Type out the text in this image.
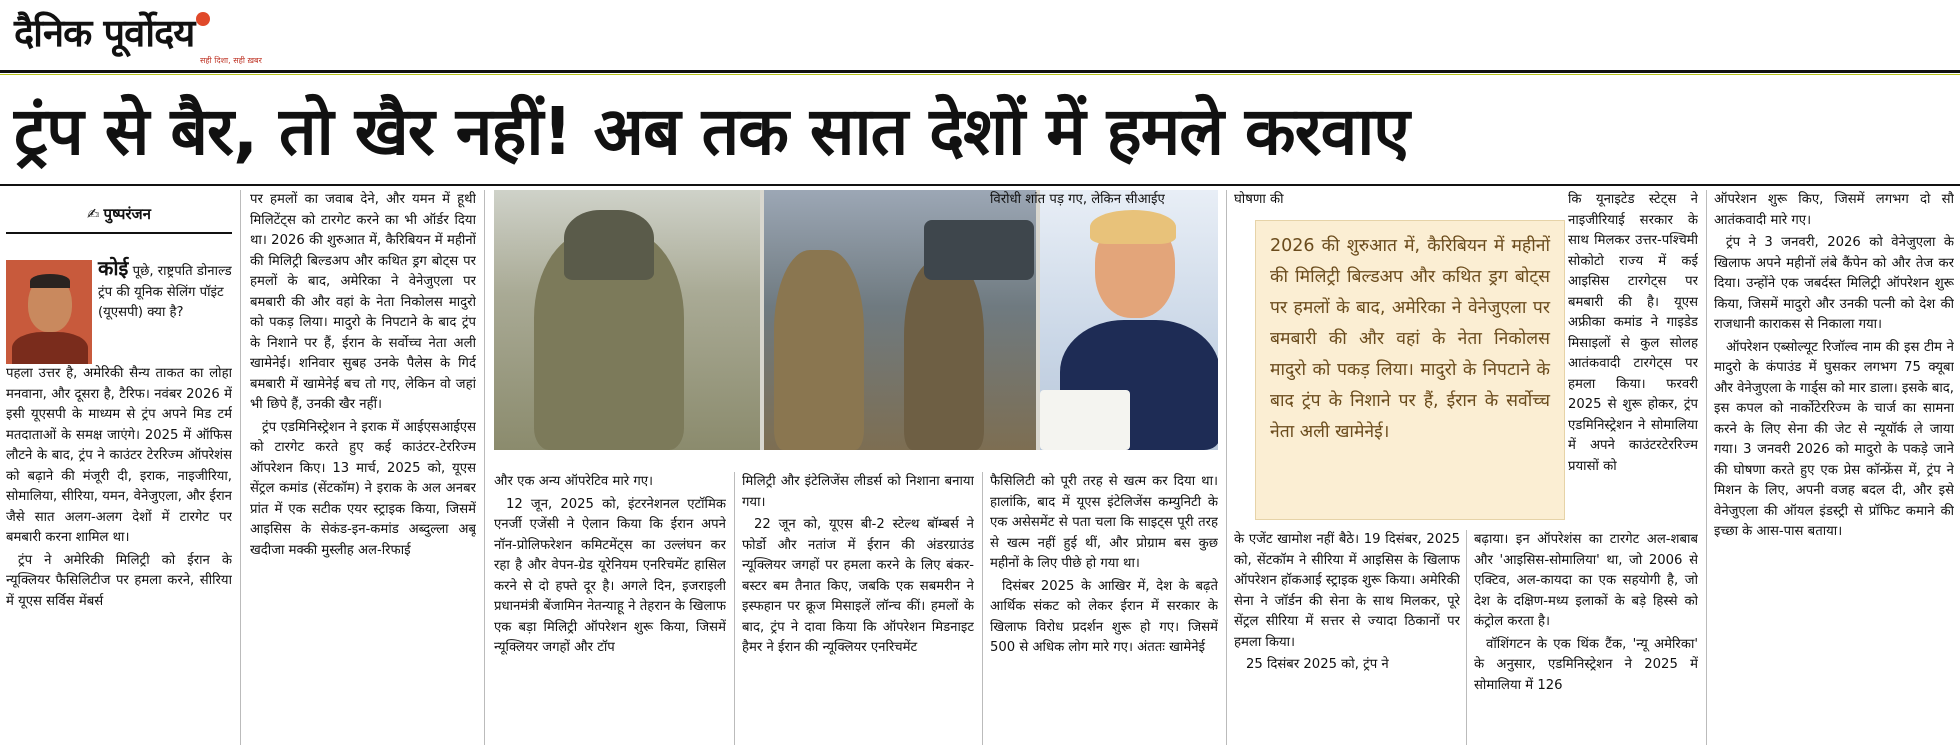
दैनिक पूर्वोदय
सही दिशा, सही ख़बर
ट्रंप से बैर, तो खैर नहीं! अब तक सात देशों में हमले करवाए
✍ पुष्परंजन
कोई पूछे, राष्ट्रपति डोनाल्ड ट्रंप की यूनिक सेलिंग पॉइंट (यूएसपी) क्या है?

पहला उत्तर है, अमेरिकी सैन्य ताकत का लोहा मनवाना, और दूसरा है, टैरिफ। नवंबर 2026 में इसी यूएसपी के माध्यम से ट्रंप अपने मिड टर्म मतदाताओं के समक्ष जाएंगे। 2025 में ऑफिस लौटने के बाद, ट्रंप ने काउंटर टेररिज्म ऑपरेशंस को बढ़ाने की मंजूरी दी, इराक, नाइजीरिया, सोमालिया, सीरिया, यमन, वेनेजुएला, और ईरान जैसे सात अलग-अलग देशों में टारगेट पर बमबारी करना शामिल था।

ट्रंप ने अमेरिकी मिलिट्री को ईरान के न्यूक्लियर फैसिलिटीज पर हमला करने, सीरिया में यूएस सर्विस मेंबर्स

पर हमलों का जवाब देने, और यमन में हूथी मिलिटेंट्स को टारगेट करने का भी ऑर्डर दिया था। 2026 की शुरुआत में, कैरिबियन में महीनों की मिलिट्री बिल्डअप और कथित ड्रग बोट्स पर हमलों के बाद, अमेरिका ने वेनेजुएला पर बमबारी की और वहां के नेता निकोलस मादुरो को पकड़ लिया। मादुरो के निपटाने के बाद ट्रंप के निशाने पर हैं, ईरान के सर्वोच्च नेता अली खामेनेई। शनिवार सुबह उनके पैलेस के गिर्द बमबारी में खामेनेई बच तो गए, लेकिन वो जहां भी छिपे हैं, उनकी खैर नहीं।

ट्रंप एडमिनिस्ट्रेशन ने इराक में आईएसआईएस को टारगेट करते हुए कई काउंटर-टेररिज्म ऑपरेशन किए। 13 मार्च, 2025 को, यूएस सेंट्रल कमांड (सेंटकॉम) ने इराक के अल अनबर प्रांत में एक सटीक एयर स्ट्राइक किया, जिसमें आइसिस के सेकंड-इन-कमांड अब्दुल्ला अबू खदीजा मक्की मुस्लीह अल-रिफाई

और एक अन्य ऑपरेटिव मारे गए।

12 जून, 2025 को, इंटरनेशनल एटॉमिक एनर्जी एजेंसी ने ऐलान किया कि ईरान अपने नॉन-प्रोलिफरेशन कमिटमेंट्स का उल्लंघन कर रहा है और वेपन-ग्रेड यूरेनियम एनरिचमेंट हासिल करने से दो हफ्ते दूर है। अगले दिन, इजराइली प्रधानमंत्री बेंजामिन नेतन्याहू ने तेहरान के खिलाफ एक बड़ा मिलिट्री ऑपरेशन शुरू किया, जिसमें न्यूक्लियर जगहों और टॉप

मिलिट्री और इंटेलिजेंस लीडर्स को निशाना बनाया गया।

22 जून को, यूएस बी-2 स्टेल्थ बॉम्बर्स ने फोर्डो और नतांज में ईरान की अंडरग्राउंड न्यूक्लियर जगहों पर हमला करने के लिए बंकर-बस्टर बम तैनात किए, जबकि एक सबमरीन ने इस्फहान पर क्रूज मिसाइलें लॉन्च कीं। हमलों के बाद, ट्रंप ने दावा किया कि ऑपरेशन मिडनाइट हैमर ने ईरान की न्यूक्लियर एनरिचमेंट

विरोधी शांत पड़ गए, लेकिन सीआईए

फैसिलिटी को पूरी तरह से खत्म कर दिया था। हालांकि, बाद में यूएस इंटेलिजेंस कम्युनिटी के एक असेसमेंट से पता चला कि साइट्स पूरी तरह से खत्म नहीं हुई थीं, और प्रोग्राम बस कुछ महीनों के लिए पीछे हो गया था।

दिसंबर 2025 के आखिर में, देश के बढ़ते आर्थिक संकट को लेकर ईरान में सरकार के खिलाफ विरोध प्रदर्शन शुरू हो गए। जिसमें 500 से अधिक लोग मारे गए। अंततः खामेनेई

घोषणा की

के एजेंट खामोश नहीं बैठे। 19 दिसंबर, 2025 को, सेंटकॉम ने सीरिया में आइसिस के खिलाफ ऑपरेशन हॉकआई स्ट्राइक शुरू किया। अमेरिकी सेना ने जॉर्डन की सेना के साथ मिलकर, पूरे सेंट्रल सीरिया में सत्तर से ज्यादा ठिकानों पर हमला किया।

25 दिसंबर 2025 को, ट्रंप ने

कि यूनाइटेड स्टेट्स ने नाइजीरियाई सरकार के साथ मिलकर उत्तर-पश्चिमी सोकोटो राज्य में कई आइसिस टारगेट्स पर बमबारी की है। यूएस अफ्रीका कमांड ने गाइडेड मिसाइलों से कुल सोलह आतंकवादी टारगेट्स पर हमला किया। फरवरी 2025 से शुरू होकर, ट्रंप एडमिनिस्ट्रेशन ने सोमालिया में अपने काउंटरटेररिज्म प्रयासों को

बढ़ाया। इन ऑपरेशंस का टारगेट अल-शबाब और 'आइसिस-सोमालिया' था, जो 2006 से एक्टिव, अल-कायदा का एक सहयोगी है, जो देश के दक्षिण-मध्य इलाकों के बड़े हिस्से को कंट्रोल करता है।

वॉशिंगटन के एक थिंक टैंक, 'न्यू अमेरिका' के अनुसार, एडमिनिस्ट्रेशन ने 2025 में सोमालिया में 126

ऑपरेशन शुरू किए, जिसमें लगभग दो सौ आतंकवादी मारे गए।

ट्रंप ने 3 जनवरी, 2026 को वेनेजुएला के खिलाफ अपने महीनों लंबे कैंपेन को और तेज कर दिया। उन्होंने एक जबर्दस्त मिलिट्री ऑपरेशन शुरू किया, जिसमें मादुरो और उनकी पत्नी को देश की राजधानी काराकस से निकाला गया।

ऑपरेशन एब्सोल्यूट रिजॉल्व नाम की इस टीम ने मादुरो के कंपाउंड में घुसकर लगभग 75 क्यूबा और वेनेजुएला के गार्ड्स को मार डाला। इसके बाद, इस कपल को नार्कोटेररिज्म के चार्ज का सामना करने के लिए सेना की जेट से न्यूयॉर्क ले जाया गया। 3 जनवरी 2026 को मादुरो के पकड़े जाने की घोषणा करते हुए एक प्रेस कॉन्फ्रेंस में, ट्रंप ने मिशन के लिए, अपनी वजह बदल दी, और इसे वेनेजुएला की ऑयल इंडस्ट्री से प्रॉफिट कमाने की इच्छा के आस-पास बताया।

2026 की शुरुआत में, कैरिबियन में महीनों की मिलिट्री बिल्डअप और कथित ड्रग बोट्स पर हमलों के बाद, अमेरिका ने वेनेजुएला पर बमबारी की और वहां के नेता निकोलस मादुरो को पकड़ लिया। मादुरो के निपटाने के बाद ट्रंप के निशाने पर हैं, ईरान के सर्वोच्च नेता अली खामेनेई।
